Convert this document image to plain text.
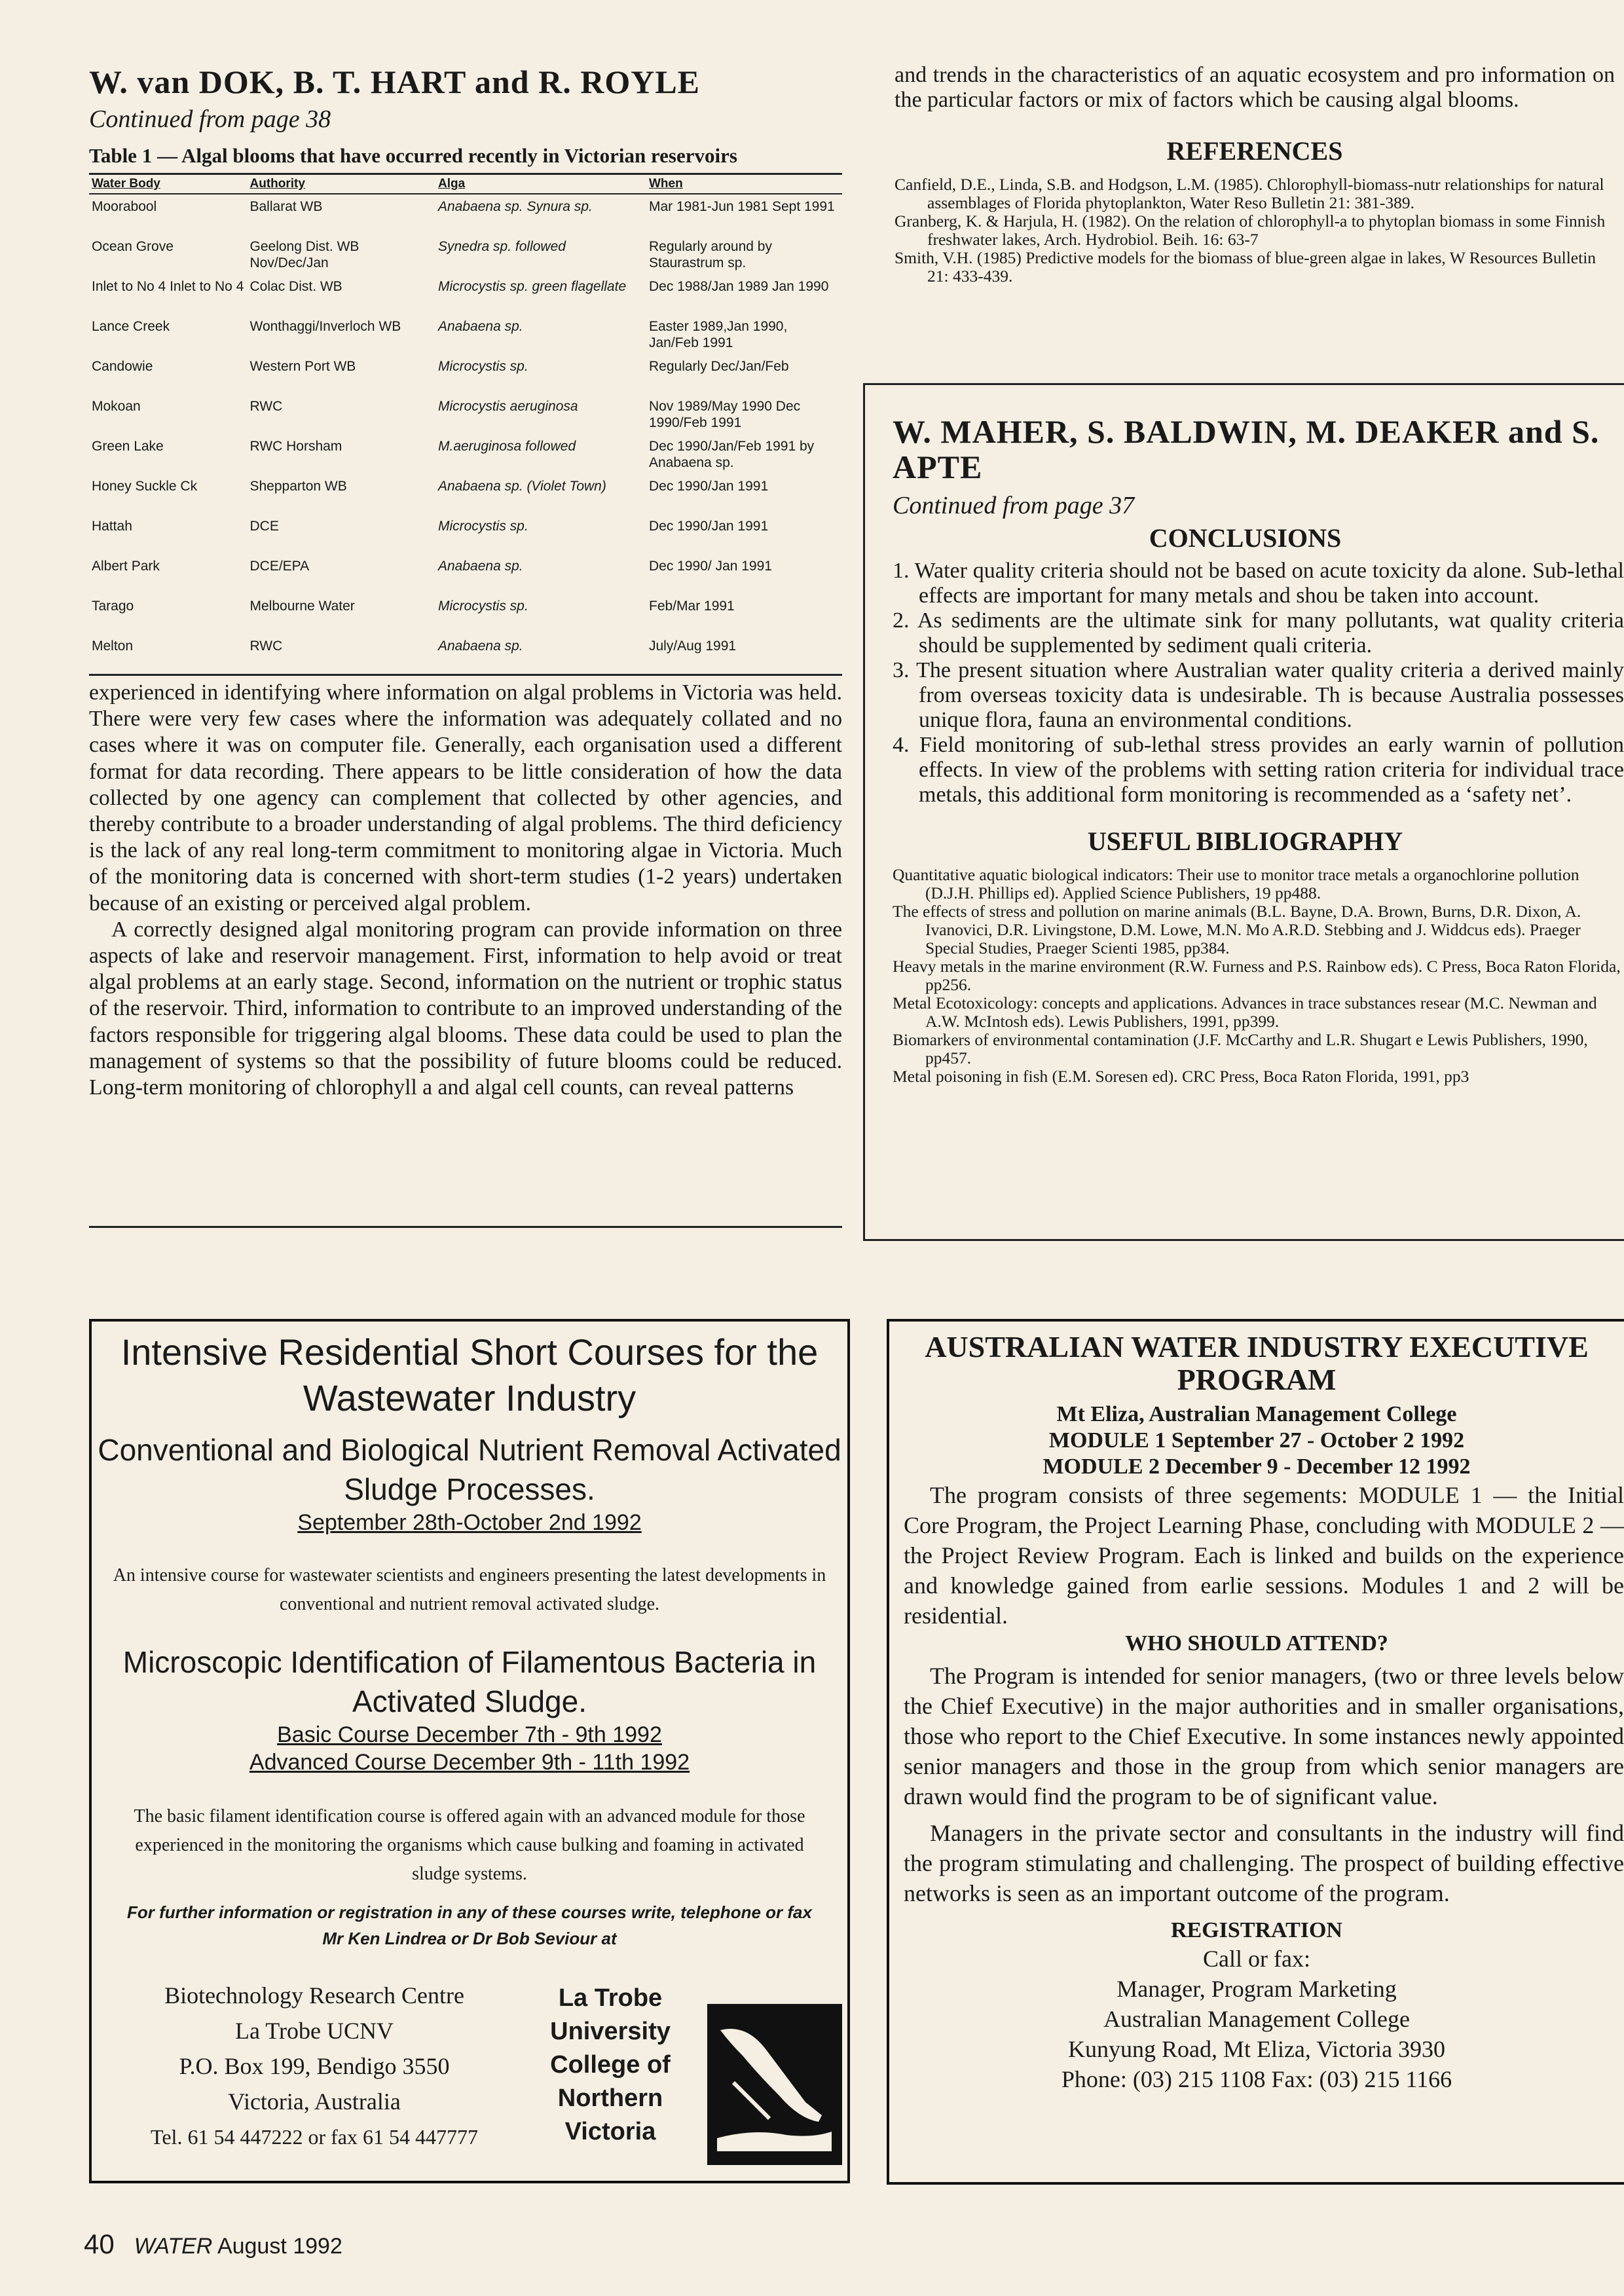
W. van DOK, B. T. HART and R. ROYLE
Continued from page 38
Table 1 — Algal blooms that have occurred recently in Victorian reservoirs
Water Body	Authority	Alga	When
Moorabool	Ballarat WB	Anabaena sp. Synura sp.	Mar 1981-Jun 1981 Sept 1991
Ocean Grove	Geelong Dist. WB Nov/Dec/Jan	Synedra sp. followed	Regularly around by Staurastrum sp.
Inlet to No 4 Inlet to No 4	Colac Dist. WB	Microcystis sp. green flagellate	Dec 1988/Jan 1989 Jan 1990
Lance Creek	Wonthaggi/Inverloch WB	Anabaena sp.	Easter 1989,Jan 1990, Jan/Feb 1991
Candowie	Western Port WB	Microcystis sp.	Regularly Dec/Jan/Feb
Mokoan	RWC	Microcystis aeruginosa	Nov 1989/May 1990 Dec 1990/Feb 1991
Green Lake	RWC Horsham	M.aeruginosa followed	Dec 1990/Jan/Feb 1991 by Anabaena sp.
Honey Suckle Ck	Shepparton WB	Anabaena sp. (Violet Town)	Dec 1990/Jan 1991
Hattah	DCE	Microcystis sp.	Dec 1990/Jan 1991
Albert Park	DCE/EPA	Anabaena sp.	Dec 1990/ Jan 1991
Tarago	Melbourne Water	Microcystis sp.	Feb/Mar 1991
Melton	RWC	Anabaena sp.	July/Aug 1991

experienced in identifying where information on algal problems in Victoria was held. There were very few cases where the information was adequately collated and no cases where it was on computer file. Generally, each organisation used a different format for data recording. There appears to be little consideration of how the data collected by one agency can complement that collected by other agencies, and thereby contribute to a broader understanding of algal problems. The third deficiency is the lack of any real long-term commitment to monitoring algae in Victoria. Much of the monitoring data is concerned with short-term studies (1-2 years) undertaken because of an existing or perceived algal problem.

A correctly designed algal monitoring program can provide information on three aspects of lake and reservoir management. First, information to help avoid or treat algal problems at an early stage. Second, information on the nutrient or trophic status of the reservoir. Third, information to contribute to an improved understanding of the factors responsible for triggering algal blooms. These data could be used to plan the management of systems so that the possibility of future blooms could be reduced. Long-term monitoring of chlorophyll a and algal cell counts, can reveal patterns

and trends in the characteristics of an aquatic ecosystem and pro information on the particular factors or mix of factors which be causing algal blooms.
REFERENCES
Canfield, D.E., Linda, S.B. and Hodgson, L.M. (1985). Chlorophyll-biomass-nutr relationships for natural assemblages of Florida phytoplankton, Water Reso Bulletin 21: 381-389.
Granberg, K. & Harjula, H. (1982). On the relation of chlorophyll-a to phytoplan biomass in some Finnish freshwater lakes, Arch. Hydrobiol. Beih. 16: 63-7
Smith, V.H. (1985) Predictive models for the biomass of blue-green algae in lakes, W Resources Bulletin 21: 433-439.
W. MAHER, S. BALDWIN, M. DEAKER and S. APTE
Continued from page 37
CONCLUSIONS
1. Water quality criteria should not be based on acute toxicity da alone. Sub-lethal effects are important for many metals and shou be taken into account.
2. As sediments are the ultimate sink for many pollutants, wat quality criteria should be supplemented by sediment quali criteria.
3. The present situation where Australian water quality criteria a derived mainly from overseas toxicity data is undesirable. Th is because Australia possesses unique flora, fauna an environmental conditions.
4. Field monitoring of sub-lethal stress provides an early warnin of pollution effects. In view of the problems with setting ration criteria for individual trace metals, this additional form monitoring is recommended as a ‘safety net’.
USEFUL BIBLIOGRAPHY
Quantitative aquatic biological indicators: Their use to monitor trace metals a organochlorine pollution (D.J.H. Phillips ed). Applied Science Publishers, 19 pp488.
The effects of stress and pollution on marine animals (B.L. Bayne, D.A. Brown, Burns, D.R. Dixon, A. Ivanovici, D.R. Livingstone, D.M. Lowe, M.N. Mo A.R.D. Stebbing and J. Widdcus eds). Praeger Special Studies, Praeger Scienti 1985, pp384.
Heavy metals in the marine environment (R.W. Furness and P.S. Rainbow eds). C Press, Boca Raton Florida, pp256.
Metal Ecotoxicology: concepts and applications. Advances in trace substances resear (M.C. Newman and A.W. McIntosh eds). Lewis Publishers, 1991, pp399.
Biomarkers of environmental contamination (J.F. McCarthy and L.R. Shugart e Lewis Publishers, 1990, pp457.
Metal poisoning in fish (E.M. Soresen ed). CRC Press, Boca Raton Florida, 1991, pp3
Intensive Residential Short Courses for the Wastewater Industry
Conventional and Biological Nutrient Removal Activated Sludge Processes.
September 28th-October 2nd 1992
An intensive course for wastewater scientists and engineers presenting the latest developments in conventional and nutrient removal activated sludge.
Microscopic Identification of Filamentous Bacteria in Activated Sludge.
Basic Course December 7th - 9th 1992
Advanced Course December 9th - 11th 1992
The basic filament identification course is offered again with an advanced module for those experienced in the monitoring the organisms which cause bulking and foaming in activated sludge systems.
For further information or registration in any of these courses write, telephone or fax Mr Ken Lindrea or Dr Bob Seviour at
Biotechnology Research Centre
La Trobe UCNV
P.O. Box 199, Bendigo 3550
Victoria, Australia
Tel. 61 54 447222 or fax 61 54 447777
La Trobe
University
College of
Northern
Victoria
AUSTRALIAN WATER INDUSTRY EXECUTIVE PROGRAM
Mt Eliza, Australian Management College
MODULE 1 September 27 - October 2 1992
MODULE 2 December 9 - December 12 1992

The program consists of three segements: MODULE 1 — the Initial Core Program, the Project Learning Phase, concluding with MODULE 2 — the Project Review Program. Each is linked and builds on the experience and knowledge gained from earlie sessions. Modules 1 and 2 will be residential.

WHO SHOULD ATTEND?

The Program is intended for senior managers, (two or three levels below the Chief Executive) in the major authorities and in smaller organisations, those who report to the Chief Executive. In some instances newly appointed senior managers and those in the group from which senior managers are drawn would find the program to be of significant value.

Managers in the private sector and consultants in the industry will find the program stimulating and challenging. The prospect of building effective networks is seen as an important outcome of the program.

REGISTRATION
Call or fax:
Manager, Program Marketing
Australian Management College
Kunyung Road, Mt Eliza, Victoria 3930
Phone: (03) 215 1108 Fax: (03) 215 1166
40 WATER August 1992
